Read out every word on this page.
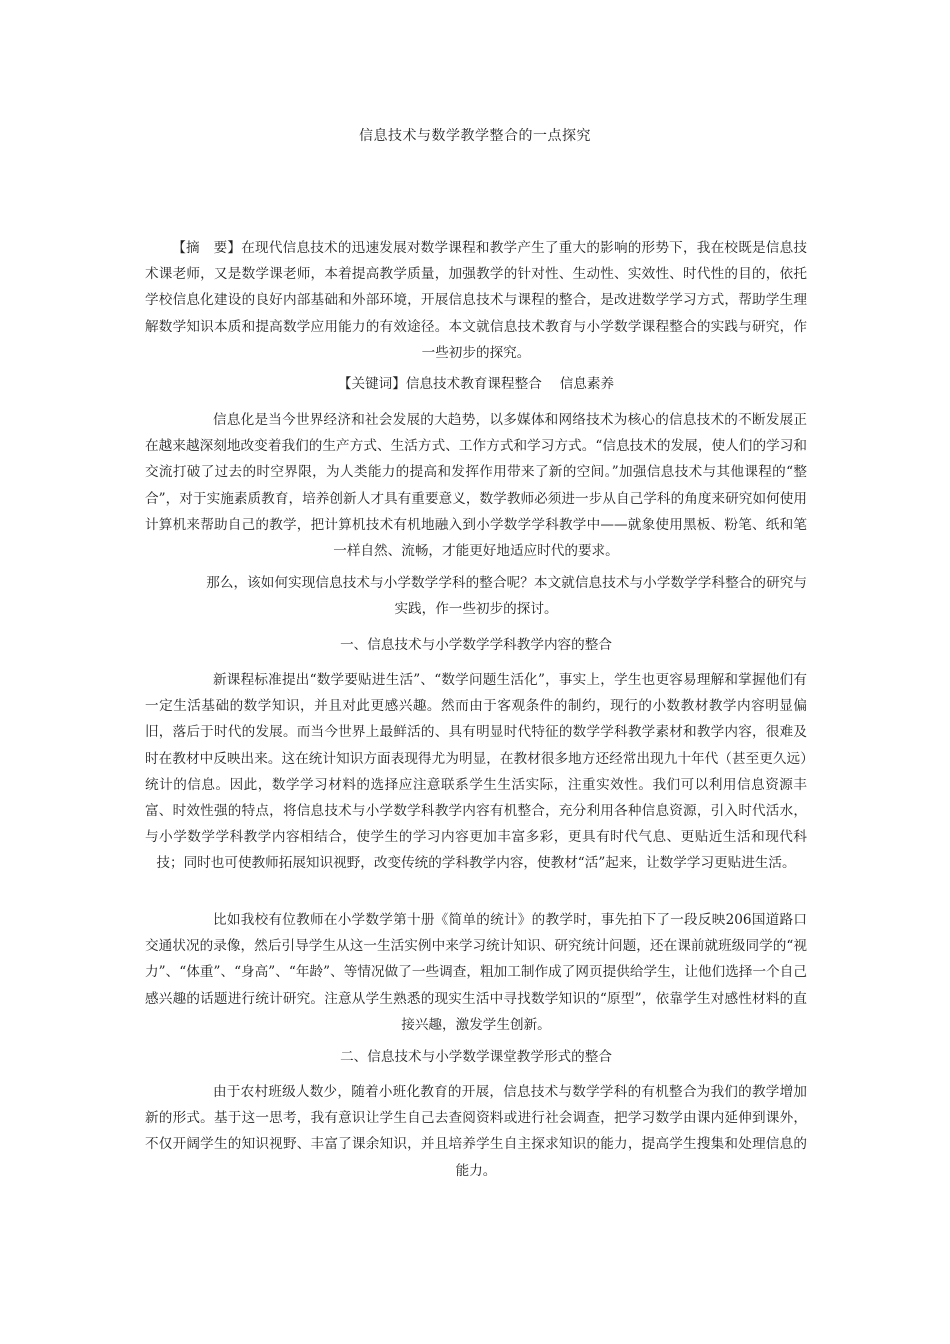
信息技术与数学教学整合的一点探究

【摘　要】在现代信息技术的迅速发展对数学课程和教学产生了重大的影响的形势下，我在校既是信息技术课老师，又是数学课老师，本着提高教学质量，加强教学的针对性、生动性、实效性、时代性的目的，依托学校信息化建设的良好内部基础和外部环境，开展信息技术与课程的整合，是改进数学学习方式，帮助学生理解数学知识本质和提高数学应用能力的有效途径。本文就信息技术教育与小学数学课程整合的实践与研究，作一些初步的探究。

【关键词】信息技术教育课程整合　 信息素养

信息化是当今世界经济和社会发展的大趋势，以多媒体和网络技术为核心的信息技术的不断发展正在越来越深刻地改变着我们的生产方式、生活方式、工作方式和学习方式。“信息技术的发展，使人们的学习和交流打破了过去的时空界限，为人类能力的提高和发挥作用带来了新的空间。”加强信息技术与其他课程的“整合”，对于实施素质教育，培养创新人才具有重要意义，数学教师必须进一步从自己学科的角度来研究如何使用计算机来帮助自己的教学，把计算机技术有机地融入到小学数学学科教学中——就象使用黑板、粉笔、纸和笔一样自然、流畅，才能更好地适应时代的要求。

那么，该如何实现信息技术与小学数学学科的整合呢？本文就信息技术与小学数学学科整合的研究与实践，作一些初步的探讨。

一、信息技术与小学数学学科教学内容的整合

新课程标准提出“数学要贴进生活”、“数学问题生活化”，事实上，学生也更容易理解和掌握他们有一定生活基础的数学知识，并且对此更感兴趣。然而由于客观条件的制约，现行的小数教材教学内容明显偏旧，落后于时代的发展。而当今世界上最鲜活的、具有明显时代特征的数学学科教学素材和教学内容，很难及时在教材中反映出来。这在统计知识方面表现得尤为明显，在教材很多地方还经常出现九十年代（甚至更久远）统计的信息。因此，数学学习材料的选择应注意联系学生生活实际，注重实效性。我们可以利用信息资源丰富、时效性强的特点，将信息技术与小学数学科教学内容有机整合，充分利用各种信息资源，引入时代活水，与小学数学学科教学内容相结合，使学生的学习内容更加丰富多彩，更具有时代气息、更贴近生活和现代科技；同时也可使教师拓展知识视野，改变传统的学科教学内容，使教材“活”起来，让数学学习更贴进生活。

比如我校有位教师在小学数学第十册《简单的统计》的教学时，事先拍下了一段反映206国道路口交通状况的录像，然后引导学生从这一生活实例中来学习统计知识、研究统计问题，还在课前就班级同学的“视力”、“体重”、“身高”、“年龄”、等情况做了一些调查，粗加工制作成了网页提供给学生，让他们选择一个自己感兴趣的话题进行统计研究。注意从学生熟悉的现实生活中寻找数学知识的“原型”，依靠学生对感性材料的直接兴趣，激发学生创新。

二、信息技术与小学数学课堂教学形式的整合

由于农村班级人数少，随着小班化教育的开展，信息技术与数学学科的有机整合为我们的教学增加新的形式。基于这一思考，我有意识让学生自己去查阅资料或进行社会调查，把学习数学由课内延伸到课外，不仅开阔学生的知识视野、丰富了课余知识，并且培养学生自主探求知识的能力，提高学生搜集和处理信息的能力。
